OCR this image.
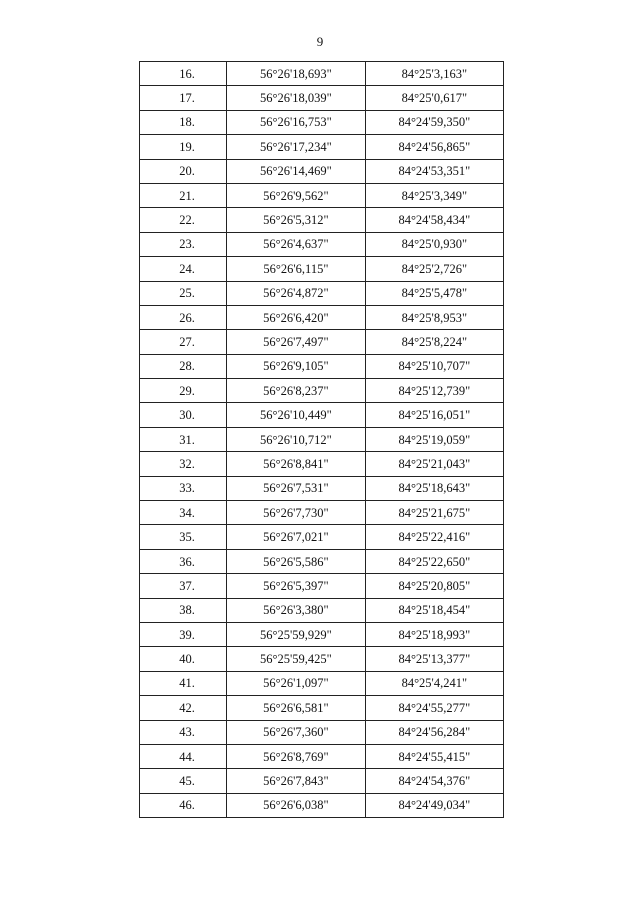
9
16.	56°26'18,693"	84°25'3,163"
17.	56°26'18,039"	84°25'0,617"
18.	56°26'16,753"	84°24'59,350"
19.	56°26'17,234"	84°24'56,865"
20.	56°26'14,469"	84°24'53,351"
21.	56°26'9,562"	84°25'3,349"
22.	56°26'5,312"	84°24'58,434"
23.	56°26'4,637"	84°25'0,930"
24.	56°26'6,115"	84°25'2,726"
25.	56°26'4,872"	84°25'5,478"
26.	56°26'6,420"	84°25'8,953"
27.	56°26'7,497"	84°25'8,224"
28.	56°26'9,105"	84°25'10,707"
29.	56°26'8,237"	84°25'12,739"
30.	56°26'10,449"	84°25'16,051"
31.	56°26'10,712"	84°25'19,059"
32.	56°26'8,841"	84°25'21,043"
33.	56°26'7,531"	84°25'18,643"
34.	56°26'7,730"	84°25'21,675"
35.	56°26'7,021"	84°25'22,416"
36.	56°26'5,586"	84°25'22,650"
37.	56°26'5,397"	84°25'20,805"
38.	56°26'3,380"	84°25'18,454"
39.	56°25'59,929"	84°25'18,993"
40.	56°25'59,425"	84°25'13,377"
41.	56°26'1,097"	84°25'4,241"
42.	56°26'6,581"	84°24'55,277"
43.	56°26'7,360"	84°24'56,284"
44.	56°26'8,769"	84°24'55,415"
45.	56°26'7,843"	84°24'54,376"
46.	56°26'6,038"	84°24'49,034"
